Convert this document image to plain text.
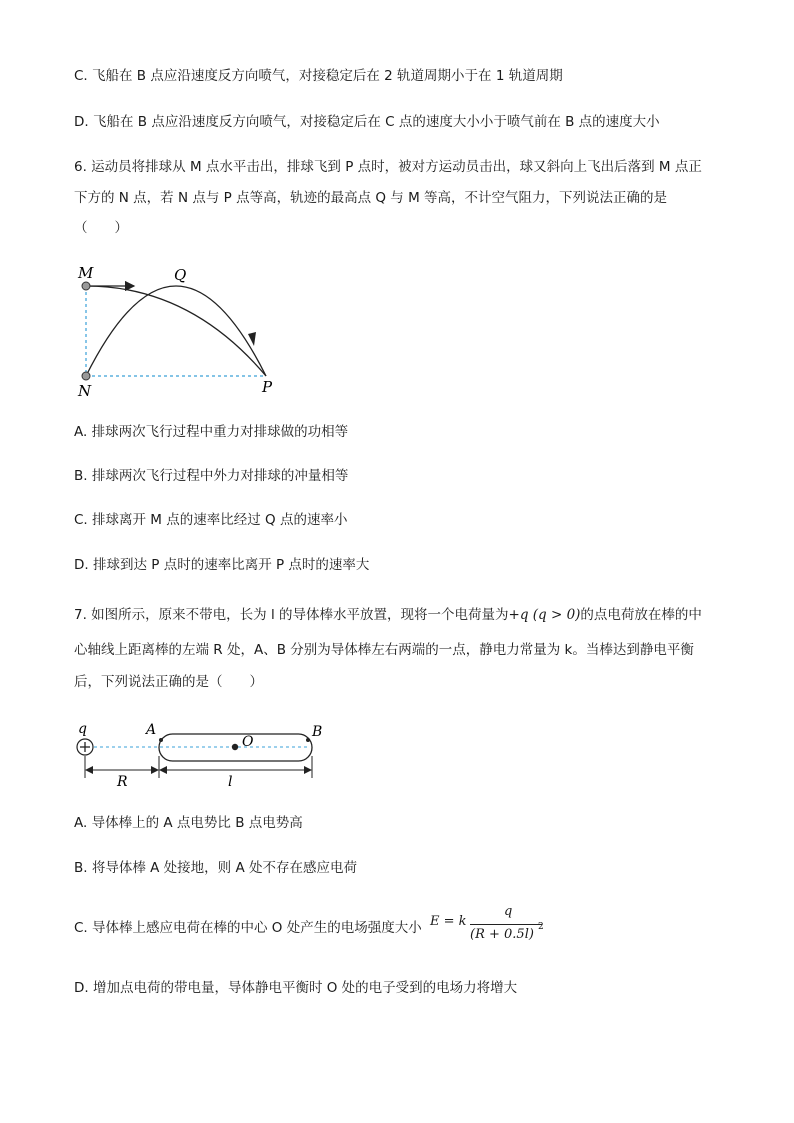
C. 飞船在 B 点应沿速度反方向喷气，对接稳定后在 2 轨道周期小于在 1 轨道周期
D. 飞船在 B 点应沿速度反方向喷气，对接稳定后在 C 点的速度大小小于喷气前在 B 点的速度大小
6. 运动员将排球从 M 点水平击出，排球飞到 P 点时，被对方运动员击出，球又斜向上飞出后落到 M 点正
下方的 N 点，若 N 点与 P 点等高，轨迹的最高点 Q 与 M 等高，不计空气阻力，下列说法正确的是
（　　）
M	Q
N	P
A. 排球两次飞行过程中重力对排球做的功相等
B. 排球两次飞行过程中外力对排球的冲量相等
C. 排球离开 M 点的速率比经过 Q 点的速率小
D. 排球到达 P 点时的速率比离开 P 点时的速率大
7. 如图所示，原来不带电，长为 l 的导体棒水平放置，现将一个电荷量为+q (q > 0)的点电荷放在棒的中
心轴线上距离棒的左端 R 处，A、B 分别为导体棒左右两端的一点，静电力常量为 k。当棒达到静电平衡
后，下列说法正确的是（　　）
q	A
O
B
R	l
A. 导体棒上的 A 点电势比 B 点电势高
B. 将导体棒 A 处接地，则 A 处不存在感应电荷
C. 导体棒上感应电荷在棒的中心 O 处产生的电场强度大小 E = k
q
(R + 0.5l) 2
D. 增加点电荷的带电量，导体静电平衡时 O 处的电子受到的电场力将增大
